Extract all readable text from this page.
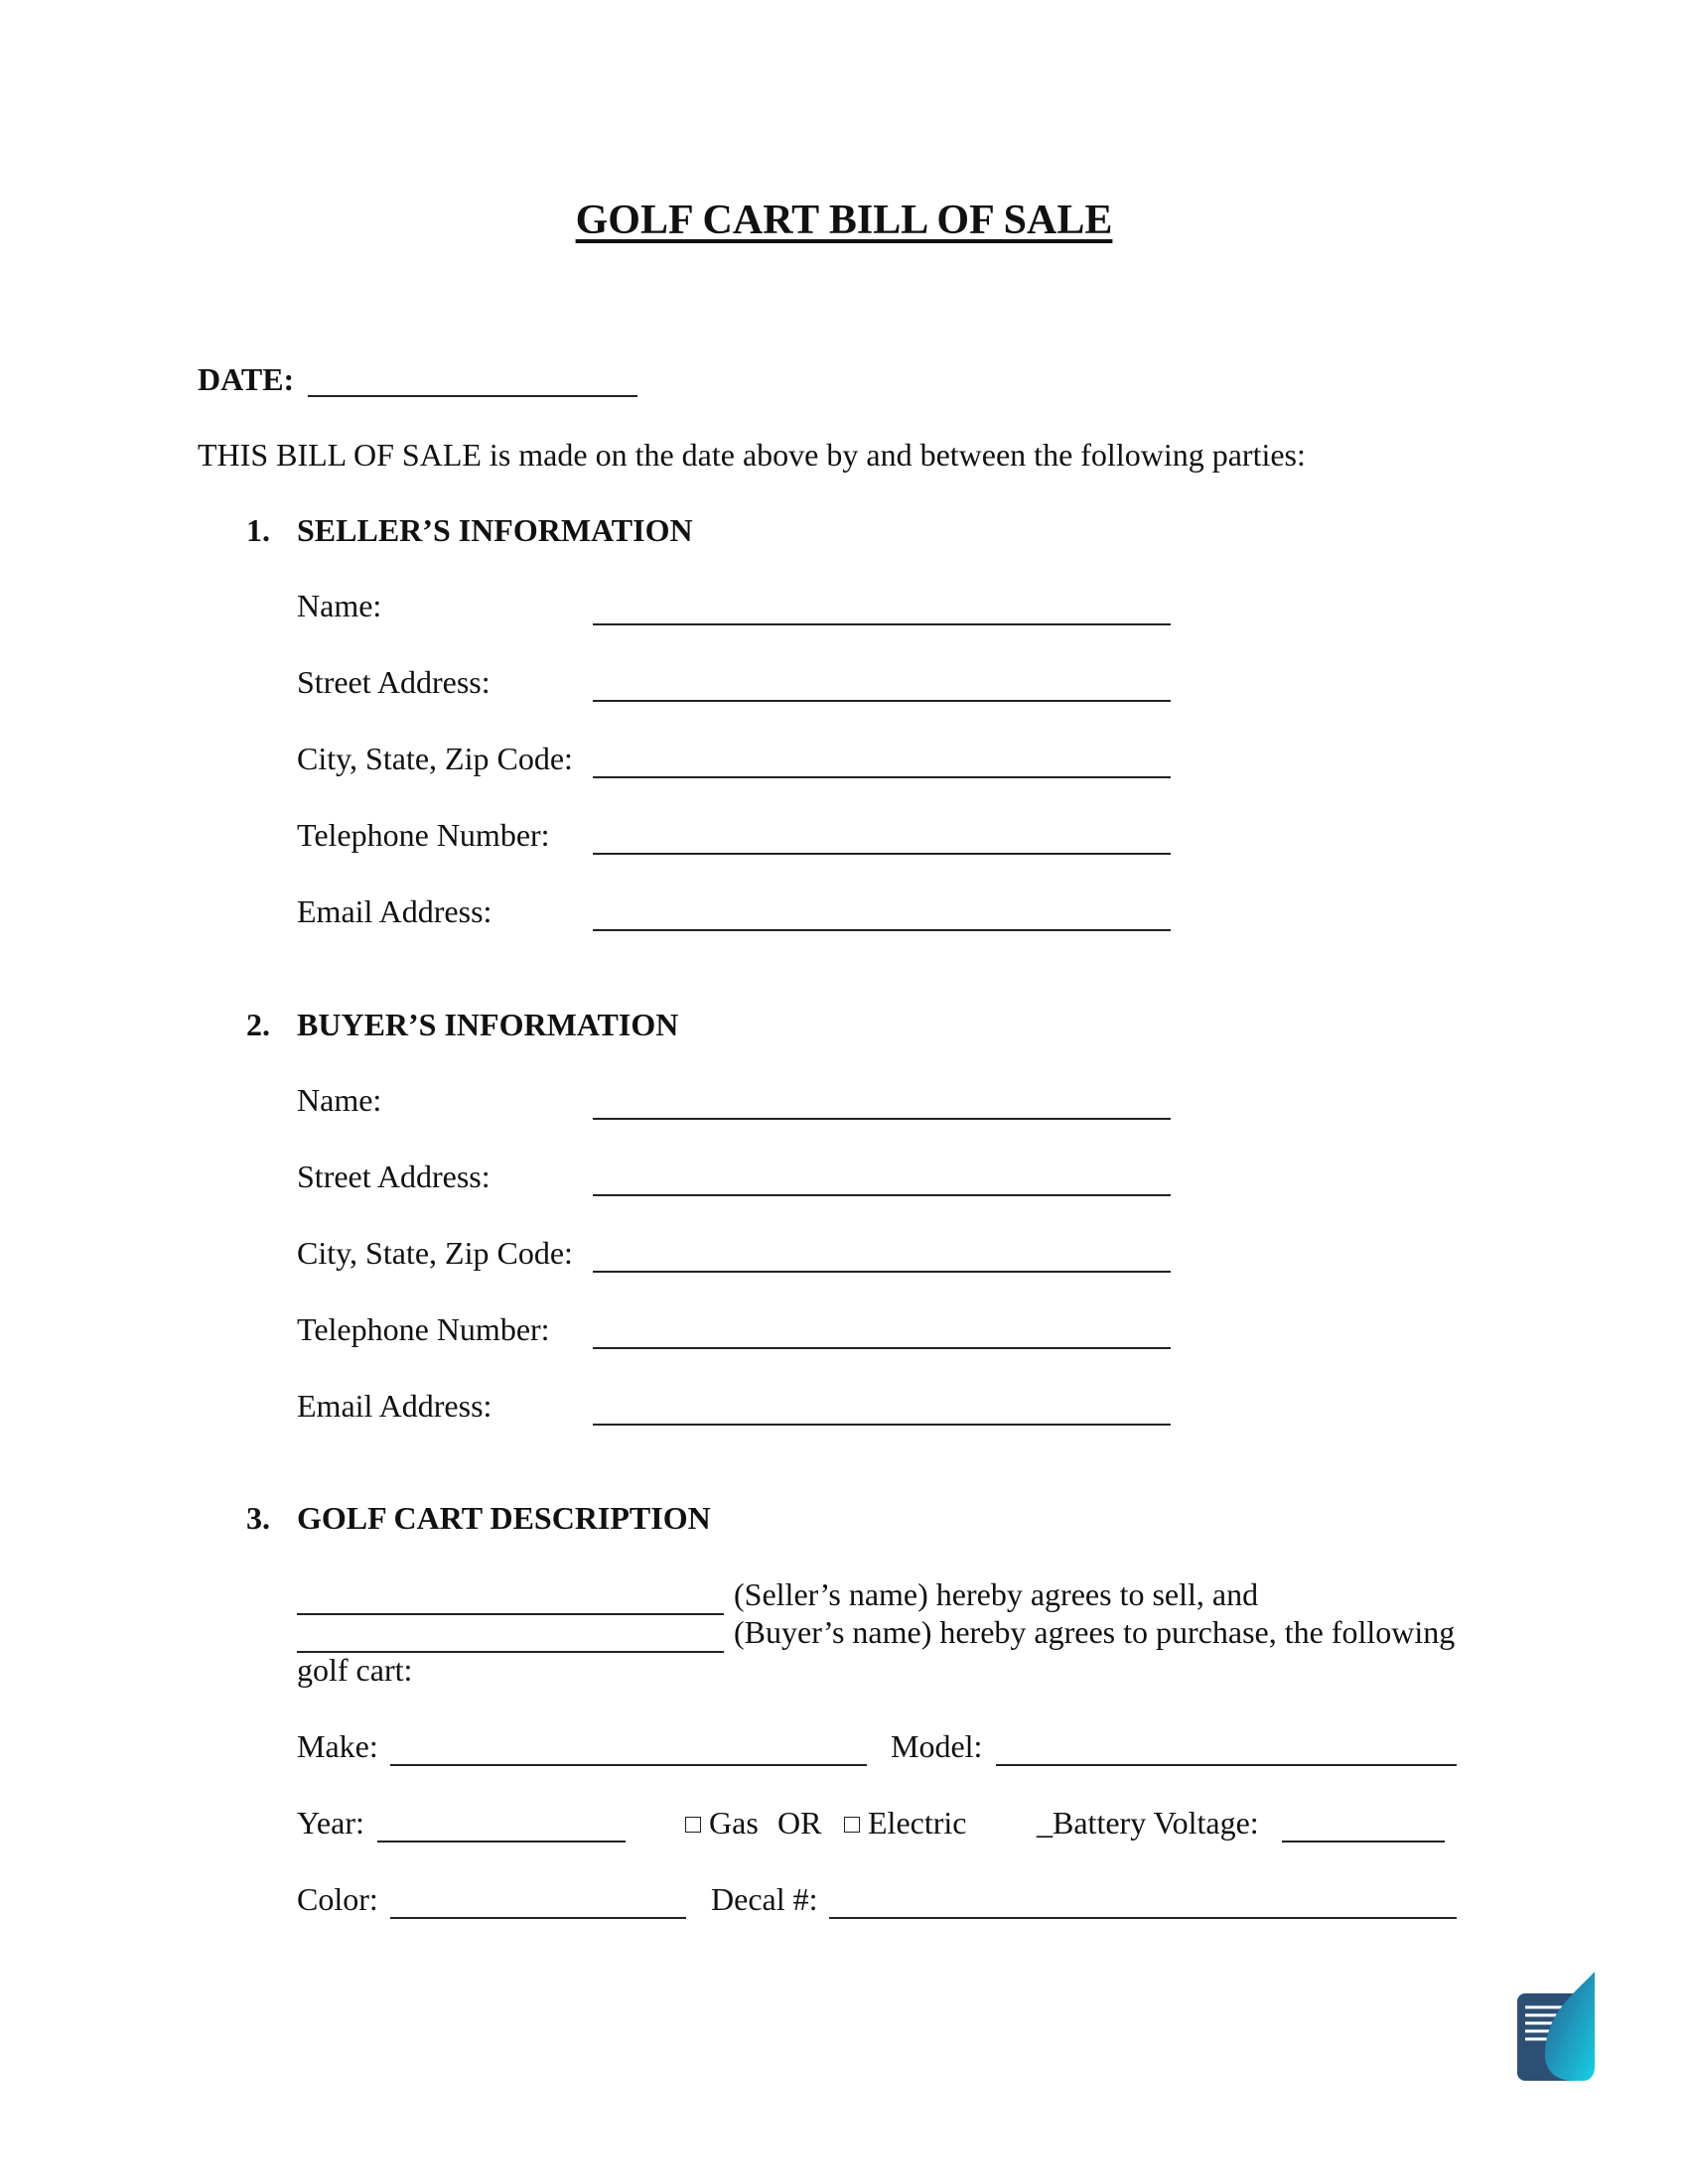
GOLF CART BILL OF SALE
DATE:
THIS BILL OF SALE is made on the date above by and between the following parties:
1. SELLER’S INFORMATION
Name:
Street Address:
City, State, Zip Code:
Telephone Number:
Email Address:
2. BUYER’S INFORMATION
Name:
Street Address:
City, State, Zip Code:
Telephone Number:
Email Address:
3. GOLF CART DESCRIPTION
(Seller’s name) hereby agrees to sell, and
(Buyer’s name) hereby agrees to purchase, the following
golf cart:
Make:	Model:
Year:	Gas OR	Electric _Battery Voltage:
Color:	Decal #:
